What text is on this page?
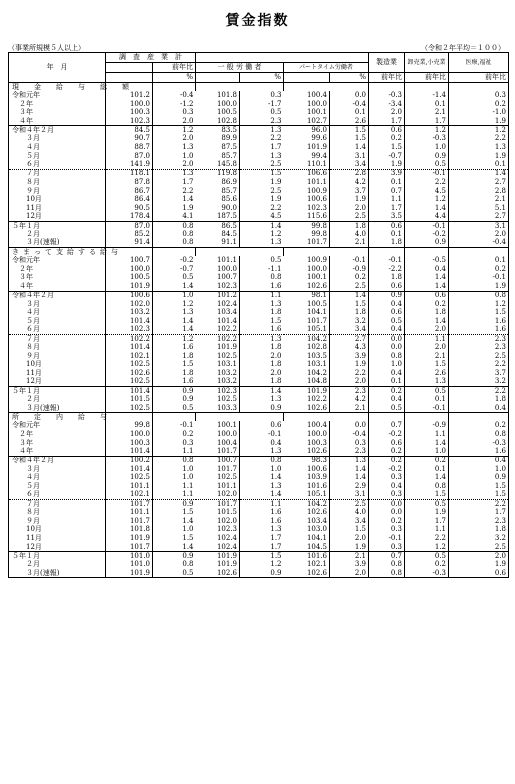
賃金指数
（事業所規模５人以上）	（令和２年平均＝１００）
年　月	調　査　産　業　計						製造業	卸売業,小売業	医療,福祉
		前年比	一 般 労 働 者		パートタイム労働者				
		%		%		%	前年比	前年比	前年比
現　金　給　与　総　額									
令和元年	101.2	-0.4	101.8	0.3	100.4	0.0	-0.3	-1.4	0.3
　２年	100.0	-1.2	100.0	-1.7	100.0	-0.4	-3.4	0.1	0.2
　３年	100.3	0.3	100.5	0.5	100.1	0.1	2.0	2.1	-1.0
　４年	102.3	2.0	102.8	2.3	102.7	2.6	1.7	1.7	1.9
令和４年２月	84.5	1.2	83.5	1.3	96.0	1.5	0.6	1.2	1.2
　　３月	90.7	2.0	89.9	2.2	99.6	1.5	0.2	-0.3	2.2
　　４月	88.7	1.3	87.5	1.7	101.9	1.4	1.5	1.0	1.3
　　５月	87.0	1.0	85.7	1.3	99.4	3.1	-0.7	0.9	1.9
　　６月	141.9	2.0	145.8	2.5	110.1	3.4	1.9	0.5	0.1
　　７月	118.1	1.3	119.8	1.5	106.6	2.8	3.9	-0.1	1.4
　　８月	87.8	1.7	86.9	1.9	101.1	4.2	0.1	2.2	2.7
　　９月	86.7	2.2	85.7	2.5	100.9	3.7	0.7	4.5	2.8
　　10月	86.4	1.4	85.6	1.9	100.6	1.9	1.1	1.2	2.1
　　11月	90.5	1.9	90.0	2.2	102.3	2.0	1.7	1.4	5.1
　　12月	178.4	4.1	187.5	4.5	115.6	2.5	3.5	4.4	2.7
５年１月	87.0	0.8	86.5	1.4	99.8	1.8	0.6	-0.1	3.1
　　２月	85.2	0.8	84.5	1.2	99.8	4.0	0.1	-0.2	2.0
　　３月(速報)	91.4	0.8	91.1	1.3	101.7	2.1	1.8	0.9	-0.4
きまって支給する給与									
令和元年	100.7	-0.2	101.1	0.5	100.9	-0.1	-0.1	-0.5	0.1
　２年	100.0	-0.7	100.0	-1.1	100.0	-0.9	-2.2	0.4	0.2
　３年	100.5	0.5	100.7	0.8	100.1	0.2	1.8	1.4	-0.1
　４年	101.9	1.4	102.3	1.6	102.6	2.5	0.6	1.4	1.9
令和４年２月	100.6	1.0	101.2	1.1	98.1	1.4	0.9	0.6	0.8
　　３月	102.0	1.2	102.4	1.3	100.5	1.5	0.4	0.2	1.2
　　４月	103.2	1.3	103.4	1.8	104.1	1.8	0.6	1.8	1.5
　　５月	101.4	1.4	101.4	1.5	101.7	3.2	0.5	1.4	1.6
　　６月	102.3	1.4	102.2	1.6	105.1	3.4	0.4	2.0	1.6
　　７月	102.2	1.2	102.2	1.3	104.2	2.7	0.0	1.1	2.3
　　８月	101.4	1.6	101.9	1.8	102.8	4.3	0.0	2.0	2.3
　　９月	102.1	1.8	102.5	2.0	103.5	3.9	0.8	2.1	2.5
　　10月	102.5	1.5	103.1	1.8	103.1	1.9	1.0	1.5	2.2
　　11月	102.6	1.8	103.2	2.0	104.2	2.2	0.4	2.6	3.7
　　12月	102.5	1.6	103.2	1.8	104.8	2.0	0.1	1.3	3.2
５年１月	101.4	0.9	102.3	1.4	101.9	2.3	0.2	0.5	2.2
　　２月	101.5	0.9	102.5	1.3	102.2	4.2	0.4	0.1	1.8
　　３月(速報)	102.5	0.5	103.3	0.9	102.6	2.1	0.5	-0.1	0.4
所　定　内　給　与									
令和元年	99.8	-0.1	100.1	0.6	100.4	0.0	0.7	-0.9	0.2
　２年	100.0	0.2	100.0	-0.1	100.0	-0.4	-0.2	1.1	0.8
　３年	100.3	0.3	100.4	0.4	100.3	0.3	0.6	1.4	-0.3
　４年	101.4	1.1	101.7	1.3	102.6	2.3	0.2	1.0	1.6
令和４年２月	100.2	0.8	100.7	0.8	98.3	1.3	0.2	0.2	0.4
　　３月	101.4	1.0	101.7	1.0	100.6	1.4	-0.2	0.1	1.0
　　４月	102.5	1.0	102.5	1.4	103.9	1.4	0.3	1.4	0.9
　　５月	101.1	1.1	101.1	1.3	101.6	2.9	0.4	0.8	1.5
　　６月	102.1	1.1	102.0	1.4	105.1	3.1	0.3	1.5	1.5
　　７月	101.7	0.9	101.7	1.1	104.2	2.5	0.0	0.5	2.2
　　８月	101.1	1.5	101.5	1.6	102.6	4.0	0.0	1.9	1.7
　　９月	101.7	1.4	102.0	1.6	103.4	3.4	0.2	1.7	2.3
　　10月	101.8	1.0	102.3	1.3	103.0	1.5	0.3	1.1	1.8
　　11月	101.9	1.5	102.4	1.7	104.1	2.0	-0.1	2.2	3.2
　　12月	101.7	1.4	102.4	1.7	104.5	1.9	0.3	1.2	2.5
５年１月	101.0	0.9	101.9	1.5	101.6	2.1	0.7	0.5	2.0
　　２月	101.0	0.8	101.9	1.2	102.1	3.9	0.8	0.2	1.9
　　３月(速報)	101.9	0.5	102.6	0.9	102.6	2.0	0.8	-0.3	0.6
